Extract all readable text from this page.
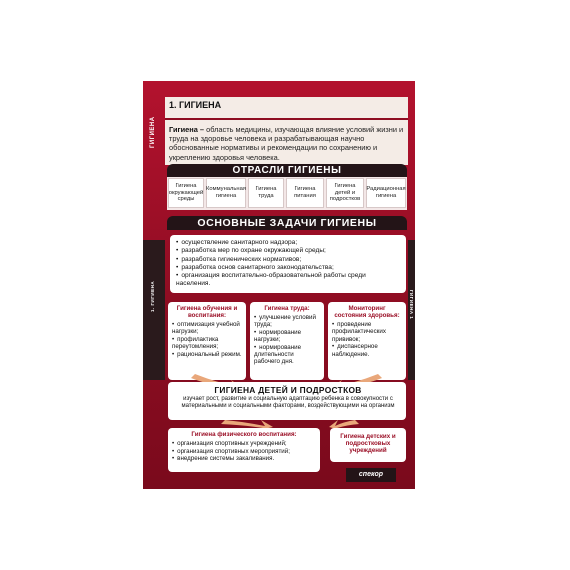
ГИГИЕНА
1. ГИГИЕНА	ГИГИЕНА 1
1. ГИГИЕНА
Гигиена – область медицины, изучающая влияние условий жизни и труда на здоровье человека и разрабатывающая научно обоснованные нормативы и рекомендации по сохранению и укреплению здоровья человека.
ОТРАСЛИ ГИГИЕНЫ
Гигиена окружающей среды
Коммунальная гигиена
Гигиена труда
Гигиена питания
Гигиена детей и подростков
Радиационная гигиена
ОСНОВНЫЕ ЗАДАЧИ ГИГИЕНЫ
• осуществление санитарного надзора;
• разработка мер по охране окружающей среды;
• разработка гигиенических нормативов;
• разработка основ санитарного законодательства;
• организация воспитательно-образовательной работы среди населения.
Гигиена обучения и воспитания:
• оптимизация учебной нагрузки;
• профилактика переутомления;
• рациональный режим.
Гигиена труда:
• улучшение условий труда;
• нормирование нагрузки;
• нормирование длительности рабочего дня.
Мониторинг состояния здоровья:
• проведение профилактических прививок;
• диспансерное наблюдение.
ГИГИЕНА ДЕТЕЙ И ПОДРОСТКОВ
изучает рост, развитие и социальную адаптацию ребенка в совокупности с материальными и социальными факторами, воздействующими на организм
Гигиена физического воспитания:
• организация спортивных учреждений;
• организация спортивных мероприятий;
• внедрение системы закаливания.
Гигиена детских и подростковых учреждений
спекор
